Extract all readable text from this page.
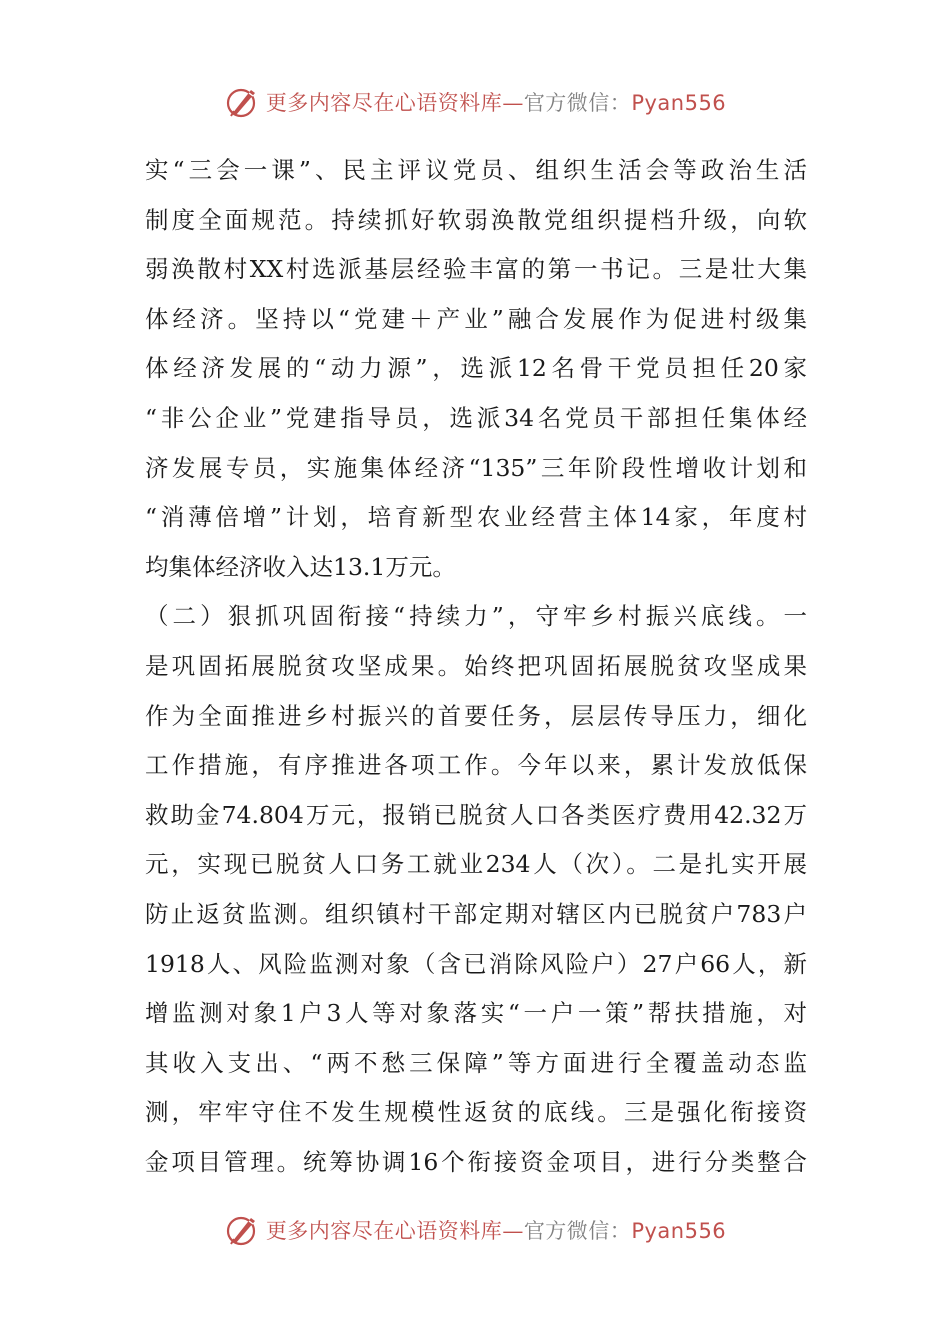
更多内容尽在心语资料库—官方微信：Pyan556
实“三会一课”、民主评议党员、组织生活会等政治生活
制度全面规范。持续抓好软弱涣散党组织提档升级，向软
弱涣散村XX村选派基层经验丰富的第一书记。三是壮大集
体经济。坚持以“党建＋产业”融合发展作为促进村级集
体经济发展的“动力源”，选派12名骨干党员担任20家
“非公企业”党建指导员，选派34名党员干部担任集体经
济发展专员，实施集体经济“135”三年阶段性增收计划和
“消薄倍增”计划，培育新型农业经营主体14家，年度村
均集体经济收入达13.1万元。
（二）狠抓巩固衔接“持续力”，守牢乡村振兴底线。一
是巩固拓展脱贫攻坚成果。始终把巩固拓展脱贫攻坚成果
作为全面推进乡村振兴的首要任务，层层传导压力，细化
工作措施，有序推进各项工作。今年以来，累计发放低保
救助金74.804万元，报销已脱贫人口各类医疗费用42.32万
元，实现已脱贫人口务工就业234人（次）。二是扎实开展
防止返贫监测。组织镇村干部定期对辖区内已脱贫户783户
1918人、风险监测对象（含已消除风险户）27户66人，新
增监测对象1户3人等对象落实“一户一策”帮扶措施，对
其收入支出、“两不愁三保障”等方面进行全覆盖动态监
测，牢牢守住不发生规模性返贫的底线。三是强化衔接资
金项目管理。统筹协调16个衔接资金项目，进行分类整合
更多内容尽在心语资料库—官方微信：Pyan556
